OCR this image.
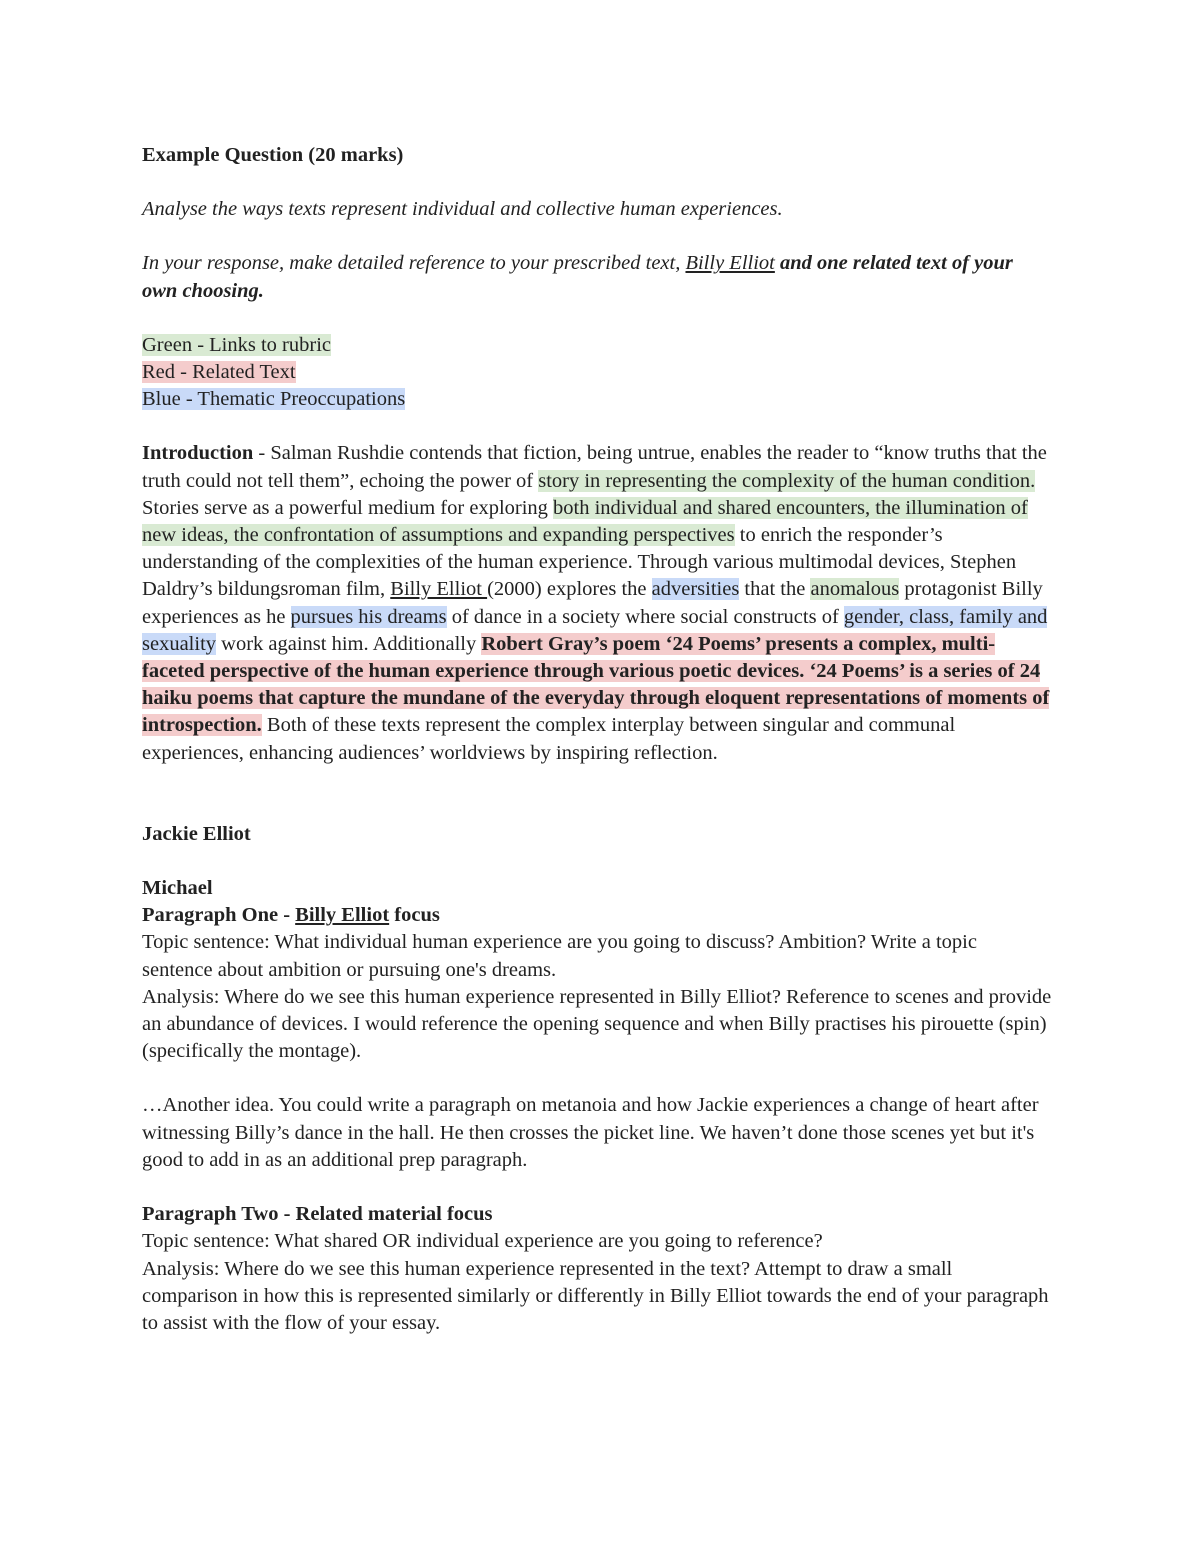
Example Question (20 marks)

Analyse the ways texts represent individual and collective human experiences.

In your response, make detailed reference to your prescribed text, Billy Elliot and one related text of your own choosing.

Green - Links to rubric

Red - Related Text

Blue - Thematic Preoccupations

Introduction - Salman Rushdie contends that fiction, being untrue, enables the reader to “know truths that the truth could not tell them”, echoing the power of story in representing the complexity of the human condition. Stories serve as a powerful medium for exploring both individual and shared encounters, the illumination of new ideas, the confrontation of assumptions and expanding perspectives to enrich the responder’s understanding of the complexities of the human experience. Through various multimodal devices, Stephen Daldry’s bildungsroman film, Billy Elliot (2000) explores the adversities that the anomalous protagonist Billy experiences as he pursues his dreams of dance in a society where social constructs of gender, class, family and sexuality work against him. Additionally Robert Gray’s poem ‘24 Poems’ presents a complex, multi-faceted perspective of the human experience through various poetic devices. ‘24 Poems’ is a series of 24 haiku poems that capture the mundane of the everyday through eloquent representations of moments of introspection. Both of these texts represent the complex interplay between singular and communal experiences, enhancing audiences’ worldviews by inspiring reflection.

Jackie Elliot

Michael

Paragraph One - Billy Elliot focus

Topic sentence: What individual human experience are you going to discuss? Ambition? Write a topic sentence about ambition or pursuing one's dreams.

Analysis: Where do we see this human experience represented in Billy Elliot? Reference to scenes and provide an abundance of devices. I would reference the opening sequence and when Billy practises his pirouette (spin) (specifically the montage).

…Another idea. You could write a paragraph on metanoia and how Jackie experiences a change of heart after witnessing Billy’s dance in the hall. He then crosses the picket line. We haven’t done those scenes yet but it's good to add in as an additional prep paragraph.

Paragraph Two - Related material focus

Topic sentence: What shared OR individual experience are you going to reference?

Analysis: Where do we see this human experience represented in the text? Attempt to draw a small comparison in how this is represented similarly or differently in Billy Elliot towards the end of your paragraph to assist with the flow of your essay.
